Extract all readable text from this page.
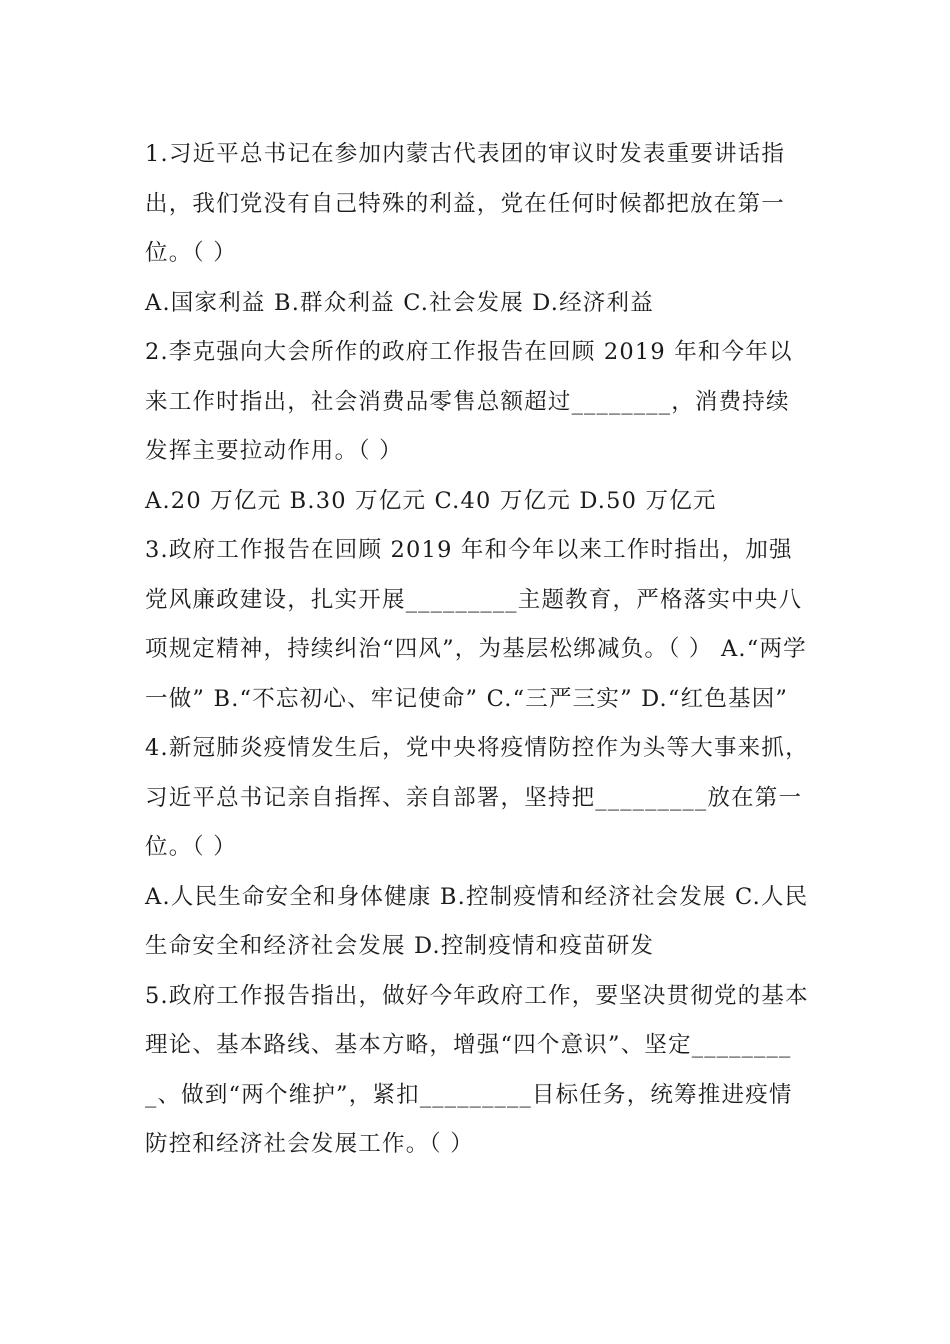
1.习近平总书记在参加内蒙古代表团的审议时发表重要讲话指出，我们党没有自己特殊的利益，党在任何时候都把放在第一位。（ ）

A.国家利益 B.群众利益 C.社会发展 D.经济利益

2.李克强向大会所作的政府工作报告在回顾 2019 年和今年以来工作时指出，社会消费品零售总额超过________，消费持续发挥主要拉动作用。（ ）

A.20 万亿元 B.30 万亿元 C.40 万亿元 D.50 万亿元

3.政府工作报告在回顾 2019 年和今年以来工作时指出，加强党风廉政建设，扎实开展_________主题教育，严格落实中央八项规定精神，持续纠治“四风”，为基层松绑减负。（ ） A.“两学一做” B.“不忘初心、牢记使命” C.“三严三实” D.“红色基因”

4.新冠肺炎疫情发生后，党中央将疫情防控作为头等大事来抓，习近平总书记亲自指挥、亲自部署，坚持把_________放在第一位。（ ）

A.人民生命安全和身体健康 B.控制疫情和经济社会发展 C.人民生命安全和经济社会发展 D.控制疫情和疫苗研发

5.政府工作报告指出，做好今年政府工作，要坚决贯彻党的基本理论、基本路线、基本方略，增强“四个意识”、坚定_________、做到“两个维护”，紧扣_________目标任务，统筹推进疫情防控和经济社会发展工作。（ ）
